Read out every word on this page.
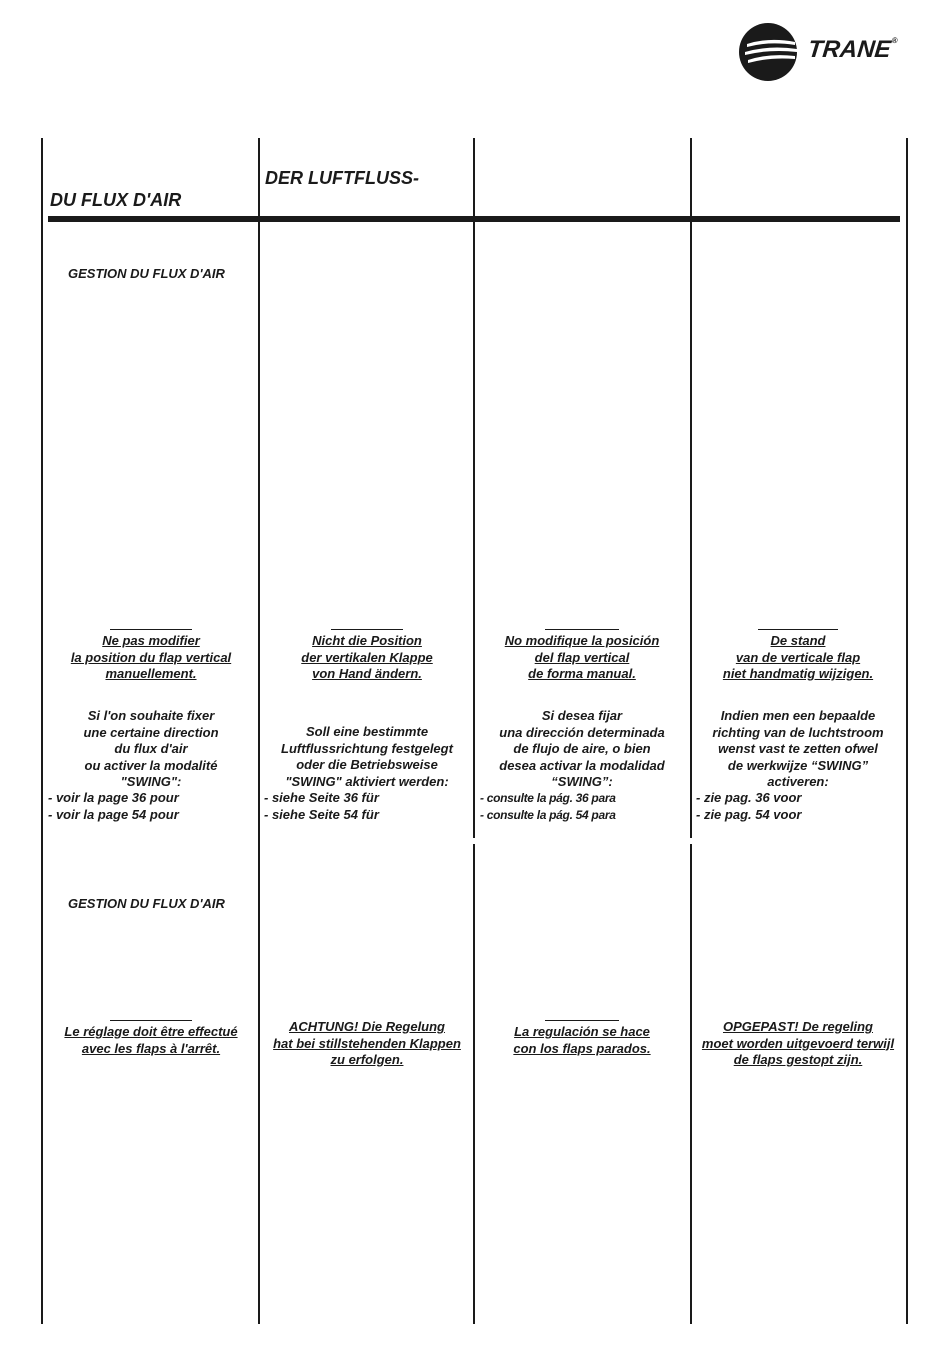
TRANE®
DU FLUX D'AIR
DER LUFTFLUSS-
GESTION DU FLUX D'AIR
GESTION DU FLUX D'AIR
Ne pas modifier
la position du flap vertical
manuellement.
Nicht die Position
der vertikalen Klappe
von Hand ändern.
No modifique la posición
del flap vertical
de forma manual.
De stand
van de verticale flap
niet handmatig wijzigen.
Si l'on souhaite fixer
une certaine direction
du flux d'air
ou activer la modalité
"SWING":
Soll eine bestimmte
Luftflussrichtung festgelegt
oder die Betriebsweise
"SWING" aktiviert werden:
Si desea fijar
una dirección determinada
de flujo de aire, o bien
desea activar la modalidad
“SWING”:
Indien men een bepaalde
richting van de luchtstroom
wenst vast te zetten ofwel
de werkwijze “SWING”
activeren:
- voir la page 36 pour
- voir la page 54 pour
- siehe Seite 36 für
- siehe Seite 54 für
- consulte la pág. 36 para
- consulte la pág. 54 para
- zie pag. 36 voor
- zie pag. 54 voor
Le réglage doit être effectué
avec les flaps à l'arrêt.
ACHTUNG! Die Regelung
hat bei stillstehenden Klappen
zu erfolgen.
La regulación se hace
con los flaps parados.
OPGEPAST! De regeling
moet worden uitgevoerd terwijl
de flaps gestopt zijn.
